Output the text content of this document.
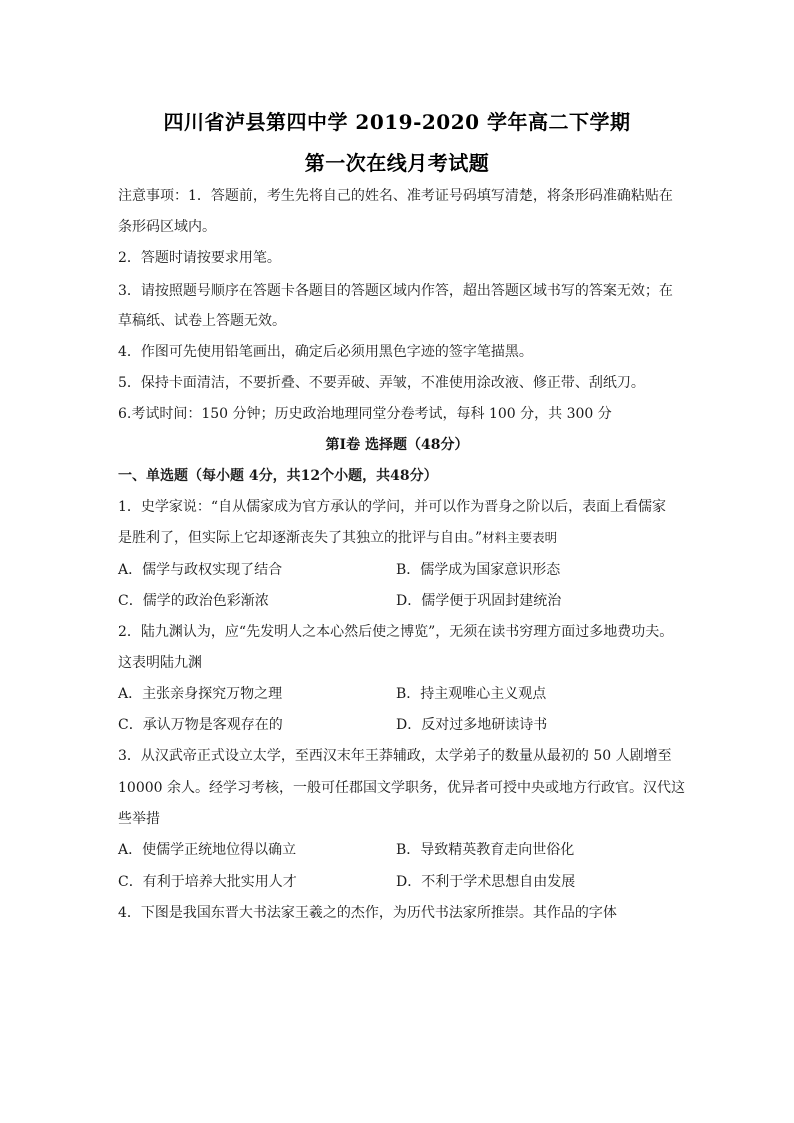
四川省泸县第四中学 2019-2020 学年高二下学期
第一次在线月考试题
注意事项：1．答题前，考生先将自己的姓名、准考证号码填写清楚，将条形码准确粘贴在
条形码区域内。
2．答题时请按要求用笔。
3．请按照题号顺序在答题卡各题目的答题区域内作答，超出答题区域书写的答案无效；在
草稿纸、试卷上答题无效。
4．作图可先使用铅笔画出，确定后必须用黑色字迹的签字笔描黑。
5．保持卡面清洁，不要折叠、不要弄破、弄皱，不准使用涂改液、修正带、刮纸刀。
6.考试时间：150 分钟；历史政治地理同堂分卷考试，每科 100 分，共 300 分
第Ⅰ卷 选择题（48分）
一、单选题（每小题 4分，共12个小题，共48分）
1．史学家说：“自从儒家成为官方承认的学问，并可以作为晋身之阶以后，表面上看儒家
是胜利了，但实际上它却逐渐丧失了其独立的批评与自由。”材料主要表明
A．儒学与政权实现了结合	B．儒学成为国家意识形态
C．儒学的政治色彩渐浓	D．儒学便于巩固封建统治
2．陆九渊认为，应“先发明人之本心然后使之博览”，无须在读书穷理方面过多地费功夫。
这表明陆九渊
A．主张亲身探究万物之理	B．持主观唯心主义观点
C．承认万物是客观存在的	D．反对过多地研读诗书
3．从汉武帝正式设立太学，至西汉末年王莽辅政，太学弟子的数量从最初的 50 人剧增至
10000 余人。经学习考核，一般可任郡国文学职务，优异者可授中央或地方行政官。汉代这
些举措
A．使儒学正统地位得以确立	B．导致精英教育走向世俗化
C．有利于培养大批实用人才	D．不利于学术思想自由发展
4．下图是我国东晋大书法家王羲之的杰作，为历代书法家所推崇。其作品的字体
